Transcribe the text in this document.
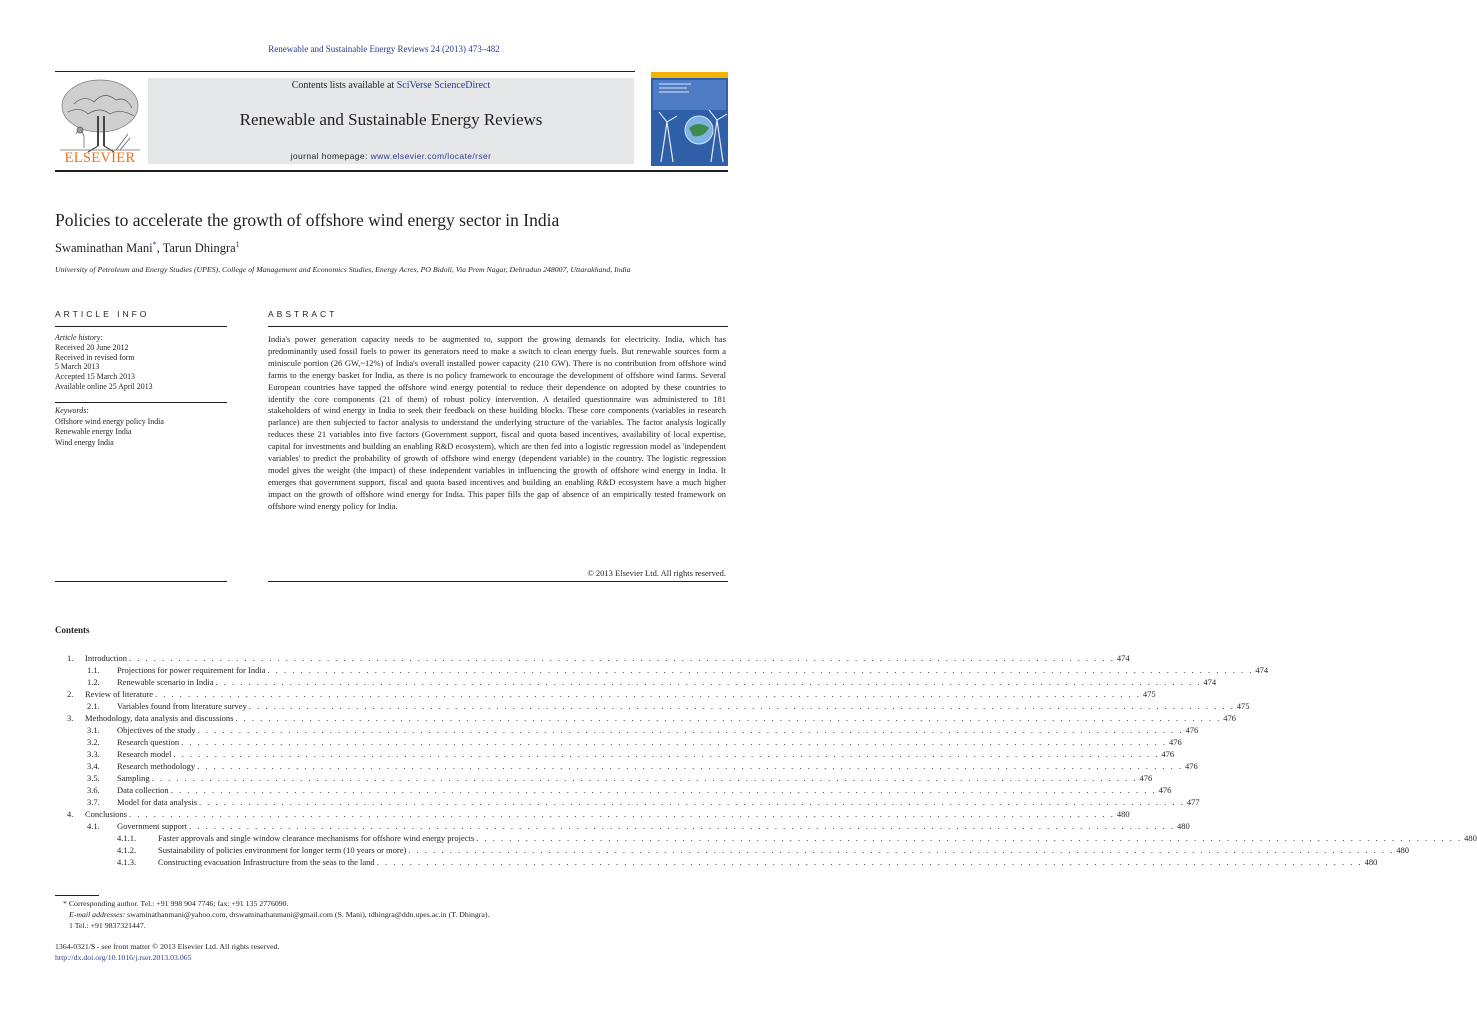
Renewable and Sustainable Energy Reviews 24 (2013) 473–482
ELSEVIER
Contents lists available at SciVerse ScienceDirect
Renewable and Sustainable Energy Reviews
journal homepage: www.elsevier.com/locate/rser
Policies to accelerate the growth of offshore wind energy sector in India
Swaminathan Mani*, Tarun Dhingra$^1$
University of Petroleum and Energy Studies (UPES), College of Management and Economics Studies, Energy Acres, PO Bidoli, Via Prem Nagar, Dehradun 248007, Uttarakhand, India
ARTICLE INFO
Article history:
Received 20 June 2012
Received in revised form
5 March 2013
Accepted 15 March 2013
Available online 25 April 2013
Keywords:
Offshore wind energy policy India
Renewable energy India
Wind energy India
ABSTRACT
India's power generation capacity needs to be augmented to, support the growing demands for electricity. India, which has predominantly used fossil fuels to power its generators need to make a switch to clean energy fuels. But renewable sources form a miniscule portion (26 GW,~12%) of India's overall installed power capacity (210 GW). There is no contribution from offshore wind farms to the energy basket for India, as there is no policy framework to encourage the development of offshore wind farms. Several European countries have tapped the offshore wind energy potential to reduce their dependence on adopted by these countries to identify the core components (21 of them) of robust policy intervention. A detailed questionnaire was administered to 181 stakeholders of wind energy in India to seek their feedback on these building blocks. These core components (variables in research parlance) are then subjected to factor analysis to understand the underlying structure of the variables. The factor analysis logically reduces these 21 variables into five factors (Government support, fiscal and quota based incentives, availability of local expertise, capital for investments and building an enabling R&D ecosystem), which are then fed into a logistic regression model as 'independent variables' to predict the probability of growth of offshore wind energy (dependent variable) in the country. The logistic regression model gives the weight (the impact) of these independent variables in influencing the growth of offshore wind energy in India. It emerges that government support, fiscal and quota based incentives and building an enabling R&D ecosystem have a much higher impact on the growth of offshore wind energy for India. This paper fills the gap of absence of an empirically tested framework on offshore wind energy policy for India.
© 2013 Elsevier Ltd. All rights reserved.
Contents
1. Introduction . . . . . . . . . . . . . . . . . . . . . . . . . . . . . . . . . . . . . . . . . . . . . . . . . . . . . . . . . . . . . . . . . . . . . . . . . . . . . . . . . . . . . . . . . . . . . . . . . . . . . . . . . . . . . . . . . . . . . . . . 474
1.1. Projections for power requirement for India . . . . . . . . . . . . . . . . . . . . . . . . . . . . . . . . . . . . . . . . . . . . . . . . . . . . . . . . . . . . . . . . . . . . . . . . . . . . . . . . . . . . . . . . . . . . . . . . . . . . . . . . . . . . . . . . . . . . . . . . 474
1.2. Renewable scenario in India . . . . . . . . . . . . . . . . . . . . . . . . . . . . . . . . . . . . . . . . . . . . . . . . . . . . . . . . . . . . . . . . . . . . . . . . . . . . . . . . . . . . . . . . . . . . . . . . . . . . . . . . . . . . . . . . . . . . . . . . 474
2. Review of literature . . . . . . . . . . . . . . . . . . . . . . . . . . . . . . . . . . . . . . . . . . . . . . . . . . . . . . . . . . . . . . . . . . . . . . . . . . . . . . . . . . . . . . . . . . . . . . . . . . . . . . . . . . . . . . . . . . . . . . . . 475
2.1. Variables found from literature survey . . . . . . . . . . . . . . . . . . . . . . . . . . . . . . . . . . . . . . . . . . . . . . . . . . . . . . . . . . . . . . . . . . . . . . . . . . . . . . . . . . . . . . . . . . . . . . . . . . . . . . . . . . . . . . . . . . . . . . . . 475
3. Methodology, data analysis and discussions . . . . . . . . . . . . . . . . . . . . . . . . . . . . . . . . . . . . . . . . . . . . . . . . . . . . . . . . . . . . . . . . . . . . . . . . . . . . . . . . . . . . . . . . . . . . . . . . . . . . . . . . . . . . . . . . . . . . . . . . 476
3.1. Objectives of the study . . . . . . . . . . . . . . . . . . . . . . . . . . . . . . . . . . . . . . . . . . . . . . . . . . . . . . . . . . . . . . . . . . . . . . . . . . . . . . . . . . . . . . . . . . . . . . . . . . . . . . . . . . . . . . . . . . . . . . . . 476
3.2. Research question . . . . . . . . . . . . . . . . . . . . . . . . . . . . . . . . . . . . . . . . . . . . . . . . . . . . . . . . . . . . . . . . . . . . . . . . . . . . . . . . . . . . . . . . . . . . . . . . . . . . . . . . . . . . . . . . . . . . . . . . 476
3.3. Research model . . . . . . . . . . . . . . . . . . . . . . . . . . . . . . . . . . . . . . . . . . . . . . . . . . . . . . . . . . . . . . . . . . . . . . . . . . . . . . . . . . . . . . . . . . . . . . . . . . . . . . . . . . . . . . . . . . . . . . . . 476
3.4. Research methodology . . . . . . . . . . . . . . . . . . . . . . . . . . . . . . . . . . . . . . . . . . . . . . . . . . . . . . . . . . . . . . . . . . . . . . . . . . . . . . . . . . . . . . . . . . . . . . . . . . . . . . . . . . . . . . . . . . . . . . . . 476
3.5. Sampling . . . . . . . . . . . . . . . . . . . . . . . . . . . . . . . . . . . . . . . . . . . . . . . . . . . . . . . . . . . . . . . . . . . . . . . . . . . . . . . . . . . . . . . . . . . . . . . . . . . . . . . . . . . . . . . . . . . . . . . . 476
3.6. Data collection . . . . . . . . . . . . . . . . . . . . . . . . . . . . . . . . . . . . . . . . . . . . . . . . . . . . . . . . . . . . . . . . . . . . . . . . . . . . . . . . . . . . . . . . . . . . . . . . . . . . . . . . . . . . . . . . . . . . . . . . 476
3.7. Model for data analysis . . . . . . . . . . . . . . . . . . . . . . . . . . . . . . . . . . . . . . . . . . . . . . . . . . . . . . . . . . . . . . . . . . . . . . . . . . . . . . . . . . . . . . . . . . . . . . . . . . . . . . . . . . . . . . . . . . . . . . . . 477
4. Conclusions . . . . . . . . . . . . . . . . . . . . . . . . . . . . . . . . . . . . . . . . . . . . . . . . . . . . . . . . . . . . . . . . . . . . . . . . . . . . . . . . . . . . . . . . . . . . . . . . . . . . . . . . . . . . . . . . . . . . . . . . 480
4.1. Government support . . . . . . . . . . . . . . . . . . . . . . . . . . . . . . . . . . . . . . . . . . . . . . . . . . . . . . . . . . . . . . . . . . . . . . . . . . . . . . . . . . . . . . . . . . . . . . . . . . . . . . . . . . . . . . . . . . . . . . . . 480
4.1.1.	Faster approvals and single window clearance mechanisms for offshore wind energy projects . . . . . . . . . . . . . . . . . . . . . . . . . . . . . . . . . . . . . . . . . . . . . . . . . . . . . . . . . . . . . . . . . . . . . . . . . . . . . . . . . . . . . . . . . . . . . . . . . . . . . . . . . . . . . . . . . . . . . . . . 480
4.1.2.	Sustainability of policies environment for longer term (10 years or more) . . . . . . . . . . . . . . . . . . . . . . . . . . . . . . . . . . . . . . . . . . . . . . . . . . . . . . . . . . . . . . . . . . . . . . . . . . . . . . . . . . . . . . . . . . . . . . . . . . . . . . . . . . . . . . . . . . . . . . . . 480
4.1.3.	Constructing evacuation Infrastructure from the seas to the land . . . . . . . . . . . . . . . . . . . . . . . . . . . . . . . . . . . . . . . . . . . . . . . . . . . . . . . . . . . . . . . . . . . . . . . . . . . . . . . . . . . . . . . . . . . . . . . . . . . . . . . . . . . . . . . . . . . . . . . . 480
* Corresponding author. Tel.: +91 998 904 7746; fax: +91 135 2776090.
E-mail addresses: swaminathanmani@yahoo.com, drswaminathanmani@gmail.com (S. Mani), tdhingra@ddn.upes.ac.in (T. Dhingra).
1 Tel.: +91 9837321447.
1364-0321/$ - see front matter © 2013 Elsevier Ltd. All rights reserved.
http://dx.doi.org/10.1016/j.rser.2013.03.065
